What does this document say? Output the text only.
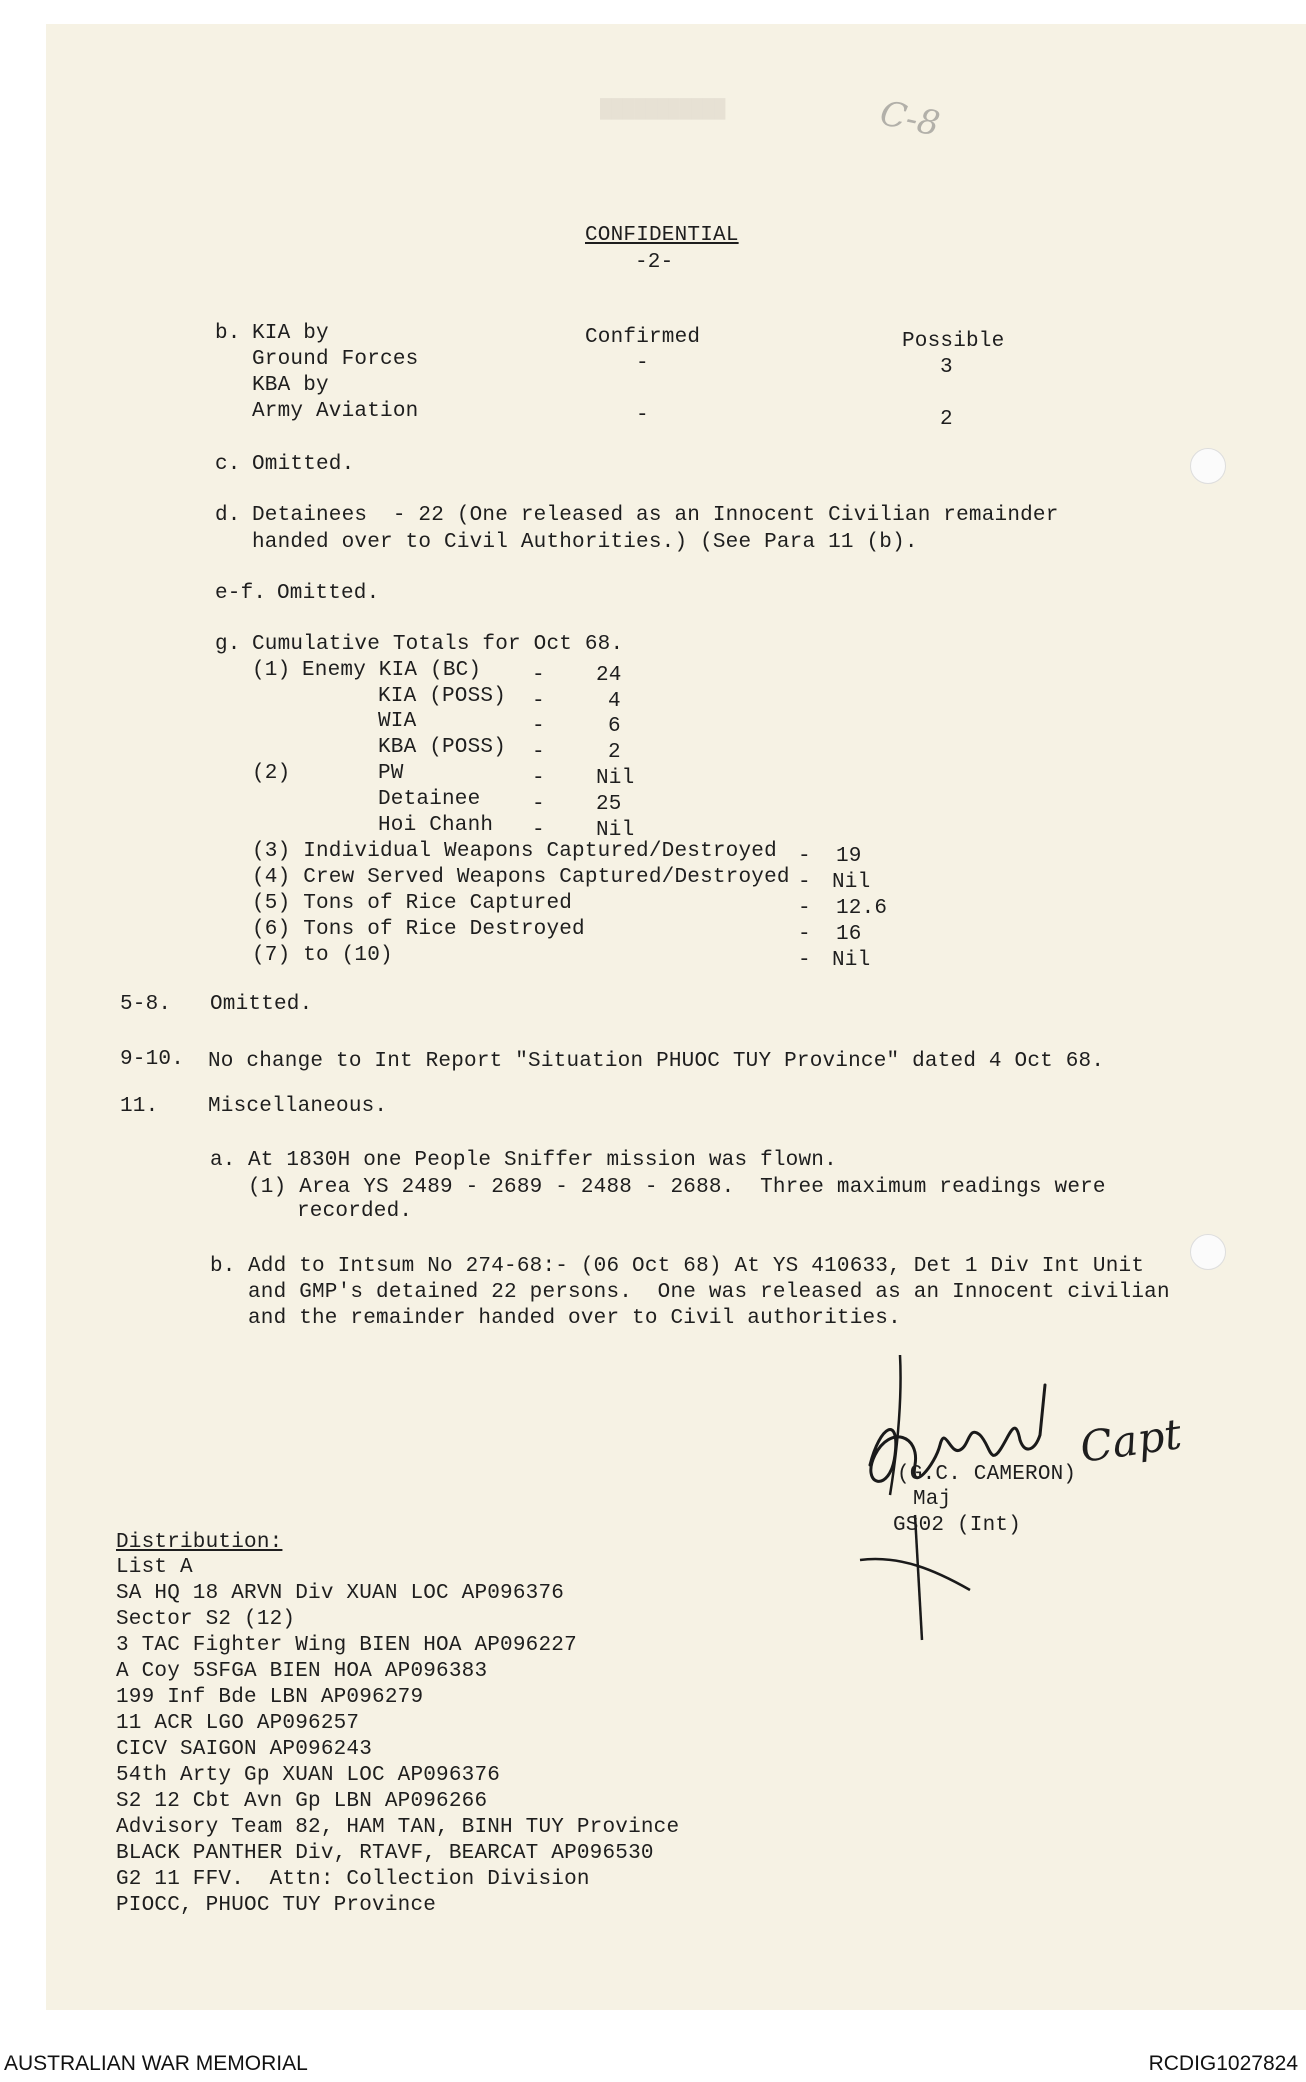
███████████	C-8
CONFIDENTIAL
-2-
b.	Confirmed	Possible
KIA by
Ground Forces	-	3
KBA by
Army Aviation	-	2
c. Omitted.
d. Detainees  - 22 (One released as an Innocent Civilian remainder
handed over to Civil Authorities.) (See Para 11 (b).
e-f. Omitted.
g. Cumulative Totals for Oct 68.
(1) Enemy KIA (BC) - 24
KIA (POSS) -	4
WIA	-	6
KBA (POSS) -	2
(2)	PW	- Nil
Detainee - 25
Hoi Chanh - Nil
(3) Individual Weapons Captured/Destroyed - 19
(4) Crew Served Weapons Captured/Destroyed - Nil
(5) Tons of Rice Captured	- 12.6
(6) Tons of Rice Destroyed	- 16
(7) to (10)	- Nil
5-8. Omitted.
9-10. No change to Int Report "Situation PHUOC TUY Province" dated 4 Oct 68.
11. Miscellaneous.
a. At 1830H one People Sniffer mission was flown.
(1) Area YS 2489 - 2689 - 2488 - 2688.  Three maximum readings were
recorded.
b. Add to Intsum No 274-68:- (06 Oct 68) At YS 410633, Det 1 Div Int Unit
and GMP's detained 22 persons.  One was released as an Innocent civilian
and the remainder handed over to Civil authorities.
Capt
(G.C. CAMERON)
Maj
GS02 (Int)
Distribution:
List A
SA HQ 18 ARVN Div XUAN LOC AP096376
Sector S2 (12)
3 TAC Fighter Wing BIEN HOA AP096227
A Coy 5SFGA BIEN HOA AP096383
199 Inf Bde LBN AP096279
11 ACR LGO AP096257
CICV SAIGON AP096243
54th Arty Gp XUAN LOC AP096376
S2 12 Cbt Avn Gp LBN AP096266
Advisory Team 82, HAM TAN, BINH TUY Province
BLACK PANTHER Div, RTAVF, BEARCAT AP096530
G2 11 FFV.  Attn: Collection Division
PIOCC, PHUOC TUY Province
AUSTRALIAN WAR MEMORIAL	RCDIG1027824
